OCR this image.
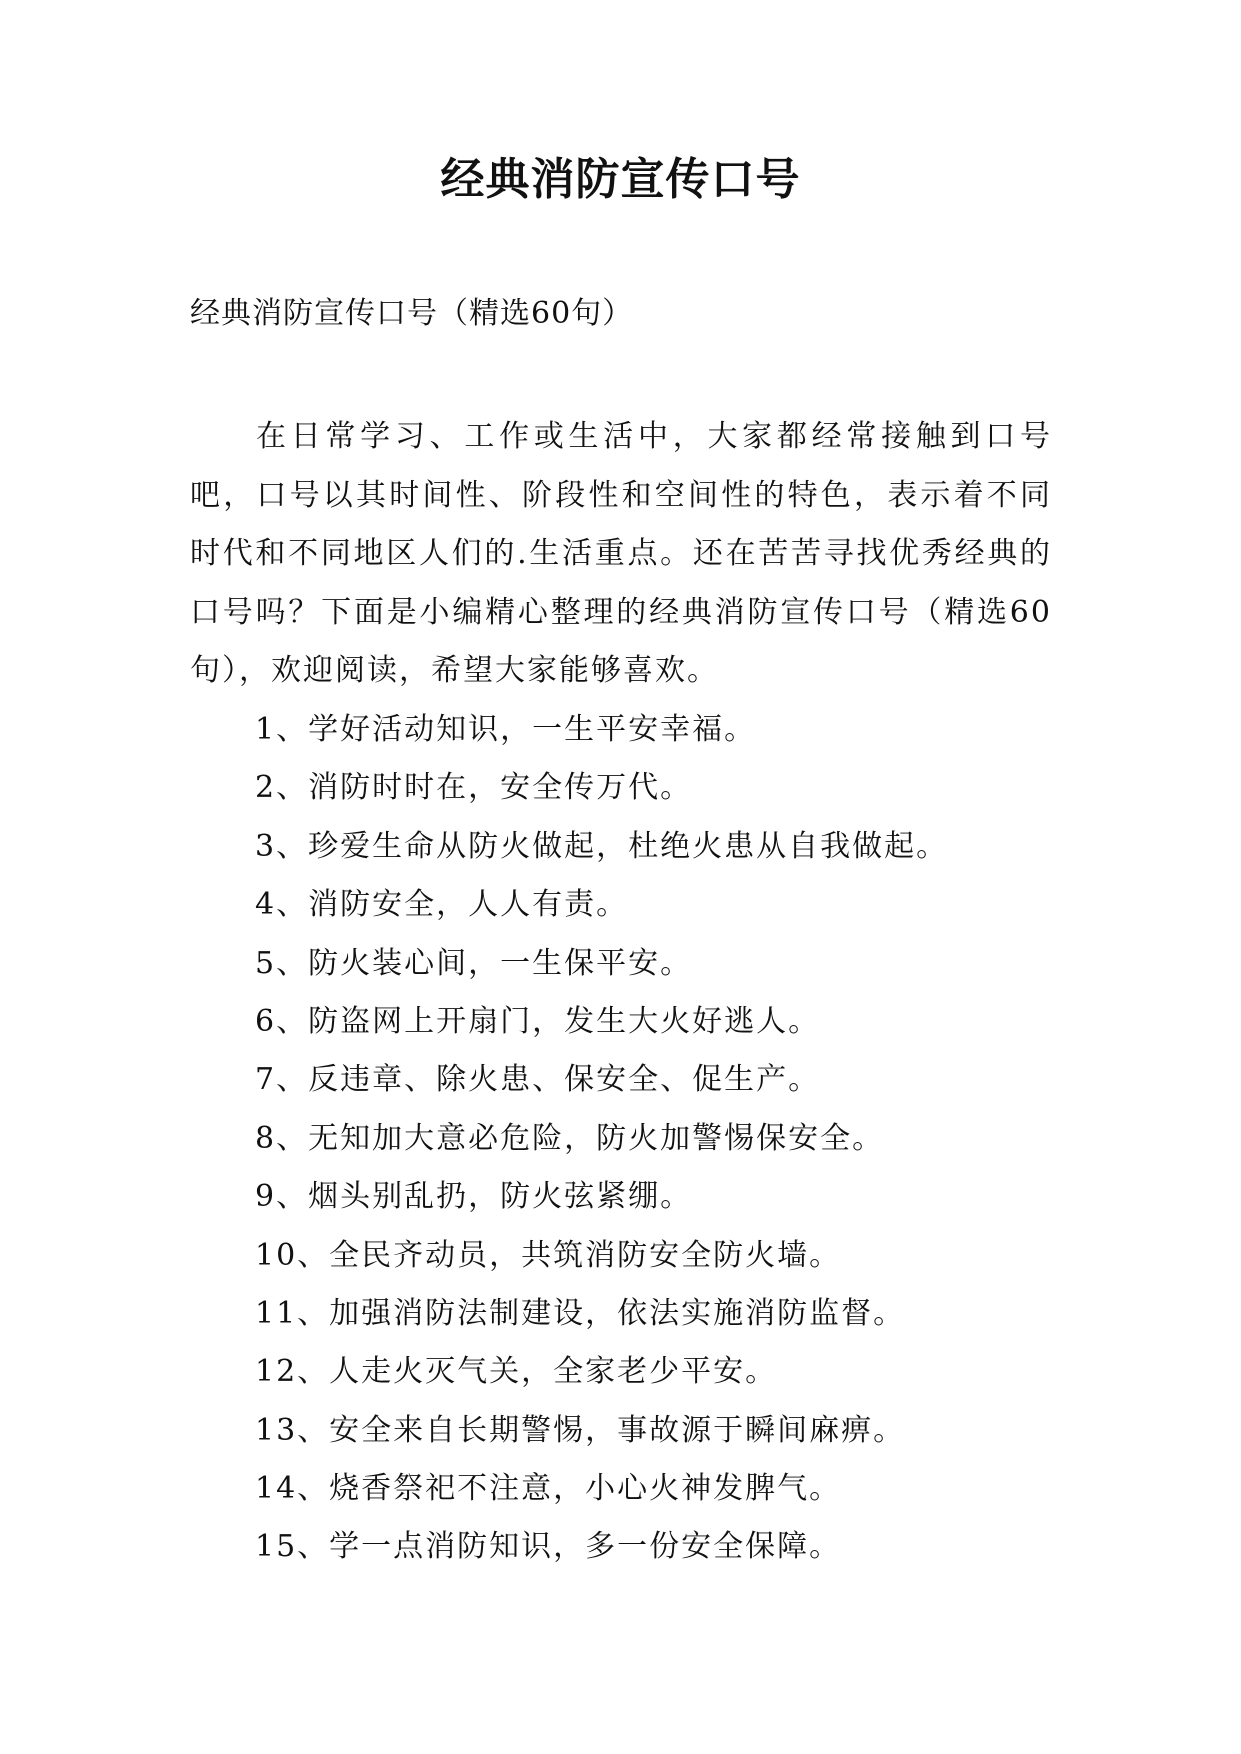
经典消防宣传口号
经典消防宣传口号（精选60句）

在日常学习、工作或生活中，大家都经常接触到口号吧，口号以其时间性、阶段性和空间性的特色，表示着不同时代和不同地区人们的.生活重点。还在苦苦寻找优秀经典的口号吗？下面是小编精心整理的经典消防宣传口号（精选60句），欢迎阅读，希望大家能够喜欢。

1、学好活动知识，一生平安幸福。
2、消防时时在，安全传万代。
3、珍爱生命从防火做起，杜绝火患从自我做起。
4、消防安全，人人有责。
5、防火装心间，一生保平安。
6、防盗网上开扇门，发生大火好逃人。
7、反违章、除火患、保安全、促生产。
8、无知加大意必危险，防火加警惕保安全。
9、烟头别乱扔，防火弦紧绷。
10、全民齐动员，共筑消防安全防火墙。
11、加强消防法制建设，依法实施消防监督。
12、人走火灭气关，全家老少平安。
13、安全来自长期警惕，事故源于瞬间麻痹。
14、烧香祭祀不注意，小心火神发脾气。
15、学一点消防知识，多一份安全保障。
